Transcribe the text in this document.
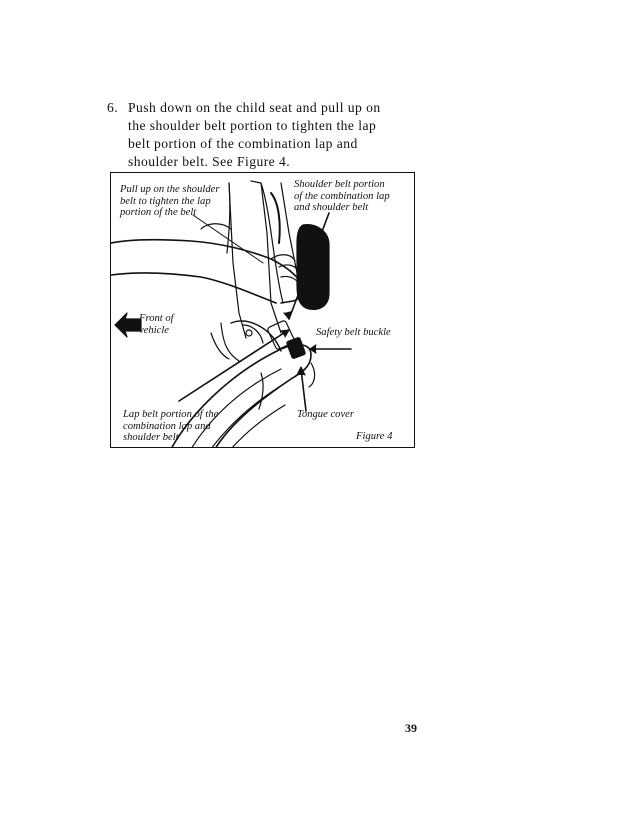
6. Push down on the child seat and pull up on
the shoulder belt portion to tighten the lap
belt portion of the combination lap and
shoulder belt. See Figure 4.
Pull up on the shoulder
belt to tighten the lap
portion of the belt
Shoulder belt portion
of the combination lap
and shoulder belt
Front of
vehicle	Safety belt buckle
Lap belt portion of the
combination lap and
shoulder belt
Tongue cover
Figure 4
39
